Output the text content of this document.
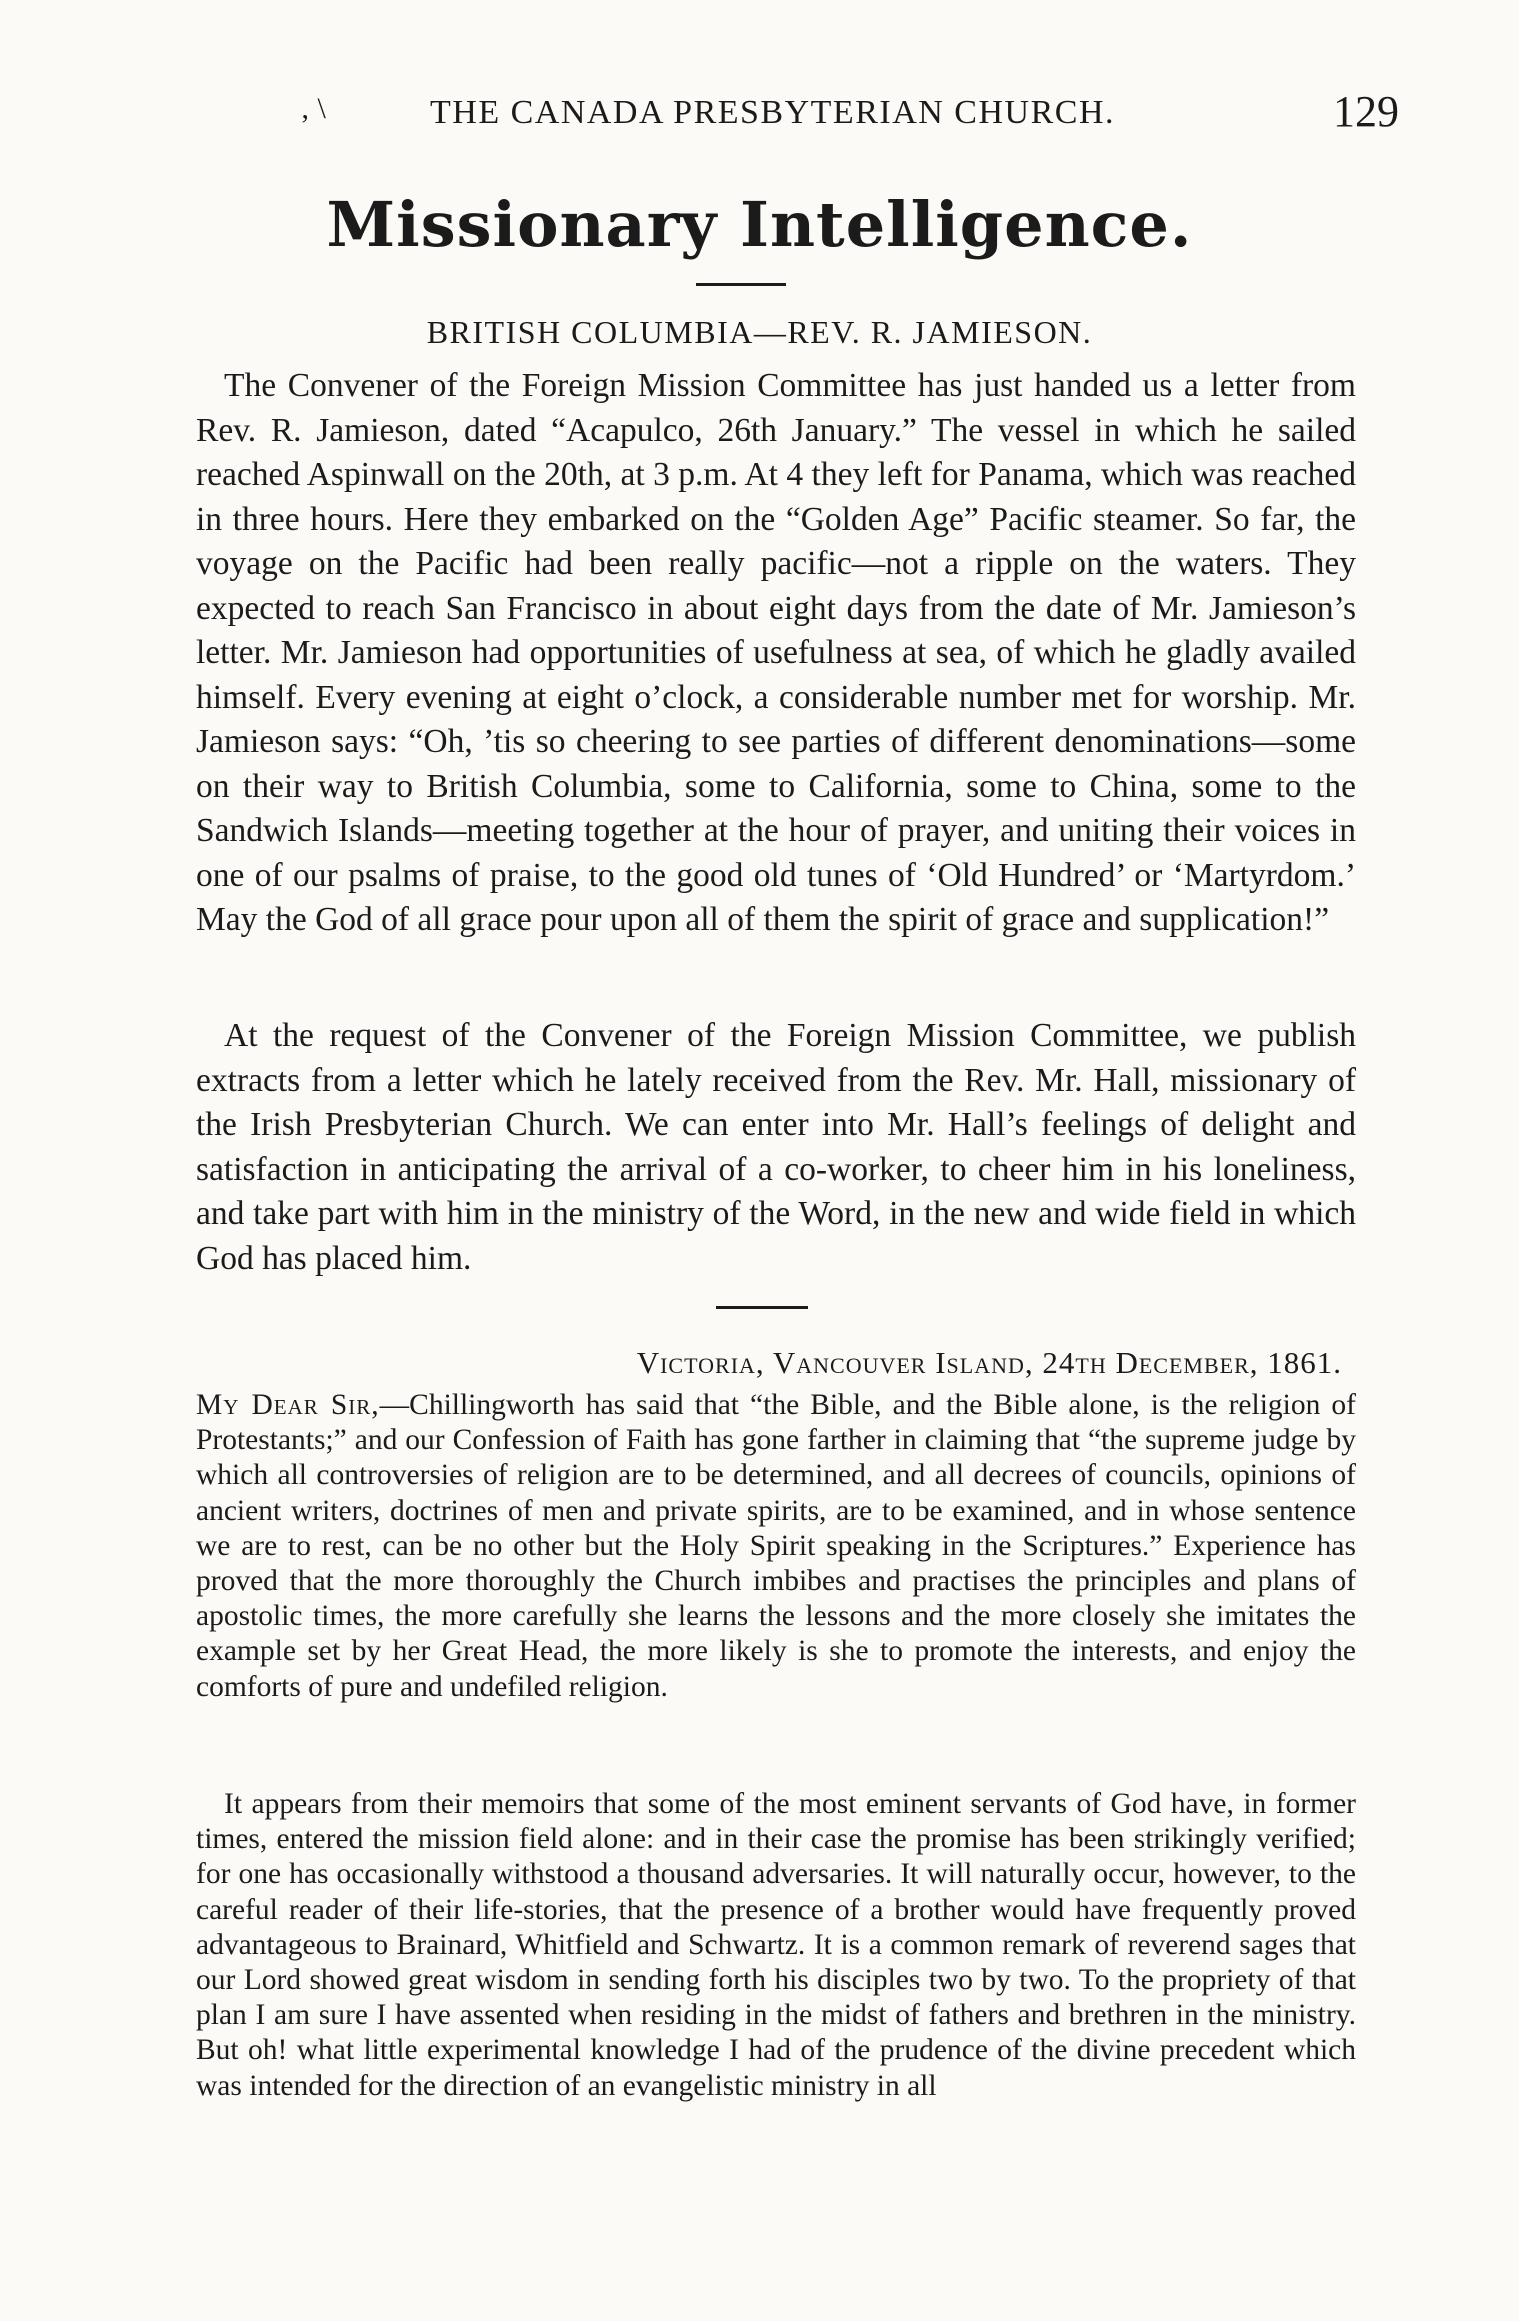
‚ \	THE CANADA PRESBYTERIAN CHURCH.	129
Missionary Intelligence.
BRITISH COLUMBIA—REV. R. JAMIESON.

The Convener of the Foreign Mission Committee has just handed us a letter from Rev. R. Jamieson, dated “Acapulco, 26th January.” The vessel in which he sailed reached Aspinwall on the 20th, at 3 p.m. At 4 they left for Panama, which was reached in three hours. Here they embarked on the “Golden Age” Pacific steamer. So far, the voyage on the Pacific had been really pacific—not a ripple on the waters. They expected to reach San Francisco in about eight days from the date of Mr. Jamieson’s letter. Mr. Jamieson had opportunities of usefulness at sea, of which he gladly availed himself. Every evening at eight o’clock, a considerable number met for worship. Mr. Jamieson says: “Oh, ’tis so cheering to see parties of different denominations—some on their way to British Columbia, some to California, some to China, some to the Sandwich Islands—meeting together at the hour of prayer, and uniting their voices in one of our psalms of praise, to the good old tunes of ‘Old Hundred’ or ‘Martyrdom.’ May the God of all grace pour upon all of them the spirit of grace and supplication!”

At the request of the Convener of the Foreign Mission Committee, we publish extracts from a letter which he lately received from the Rev. Mr. Hall, missionary of the Irish Presbyterian Church. We can enter into Mr. Hall’s feelings of delight and satisfaction in anticipating the arrival of a co-worker, to cheer him in his loneliness, and take part with him in the ministry of the Word, in the new and wide field in which God has placed him.

Victoria, Vancouver Island, 24th December, 1861.

My Dear Sir,—Chillingworth has said that “the Bible, and the Bible alone, is the religion of Protestants;” and our Confession of Faith has gone farther in claiming that “the supreme judge by which all controversies of religion are to be determined, and all decrees of councils, opinions of ancient writers, doctrines of men and private spirits, are to be examined, and in whose sentence we are to rest, can be no other but the Holy Spirit speaking in the Scriptures.” Experience has proved that the more thoroughly the Church imbibes and practises the principles and plans of apostolic times, the more carefully she learns the lessons and the more closely she imitates the example set by her Great Head, the more likely is she to promote the interests, and enjoy the comforts of pure and undefiled religion.

It appears from their memoirs that some of the most eminent servants of God have, in former times, entered the mission field alone: and in their case the promise has been strikingly verified; for one has occasionally withstood a thousand adversaries. It will naturally occur, however, to the careful reader of their life-stories, that the presence of a brother would have frequently proved advantageous to Brainard, Whitfield and Schwartz. It is a common remark of reverend sages that our Lord showed great wisdom in sending forth his disciples two by two. To the propriety of that plan I am sure I have assented when residing in the midst of fathers and brethren in the ministry. But oh! what little experimental knowledge I had of the prudence of the divine precedent which was intended for the direction of an evangelistic ministry in all
